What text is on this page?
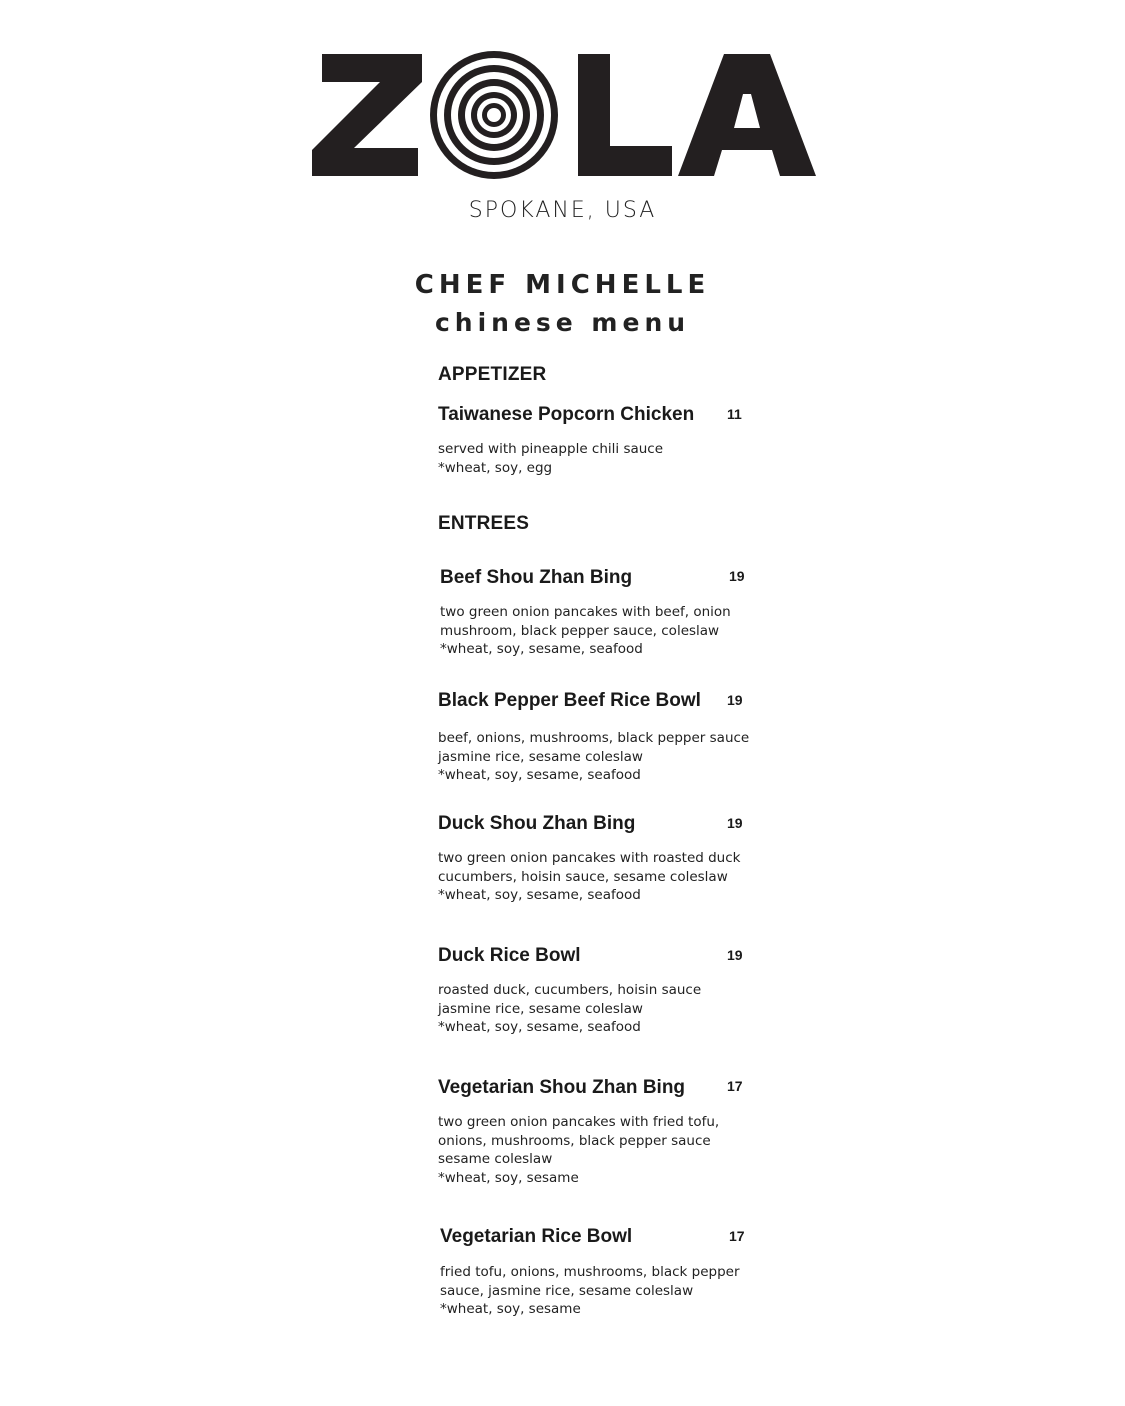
SPOKANE, USA
CHEF MICHELLE
chinese menu
APPETIZER
Taiwanese Popcorn Chicken 11
served with pineapple chili sauce
*wheat, soy, egg
ENTREES
Beef Shou Zhan Bing	19
two green onion pancakes with beef, onion
mushroom, black pepper sauce, coleslaw
*wheat, soy, sesame, seafood
Black Pepper Beef Rice Bowl 19
beef, onions, mushrooms, black pepper sauce
jasmine rice, sesame coleslaw
*wheat, soy, sesame, seafood
Duck Shou Zhan Bing	19
two green onion pancakes with roasted duck
cucumbers, hoisin sauce, sesame coleslaw
*wheat, soy, sesame, seafood
Duck Rice Bowl	19
roasted duck, cucumbers, hoisin sauce
jasmine rice, sesame coleslaw
*wheat, soy, sesame, seafood
Vegetarian Shou Zhan Bing	17
two green onion pancakes with fried tofu,
onions, mushrooms, black pepper sauce
sesame coleslaw
*wheat, soy, sesame
Vegetarian Rice Bowl	17
fried tofu, onions, mushrooms, black pepper
sauce, jasmine rice, sesame coleslaw
*wheat, soy, sesame
